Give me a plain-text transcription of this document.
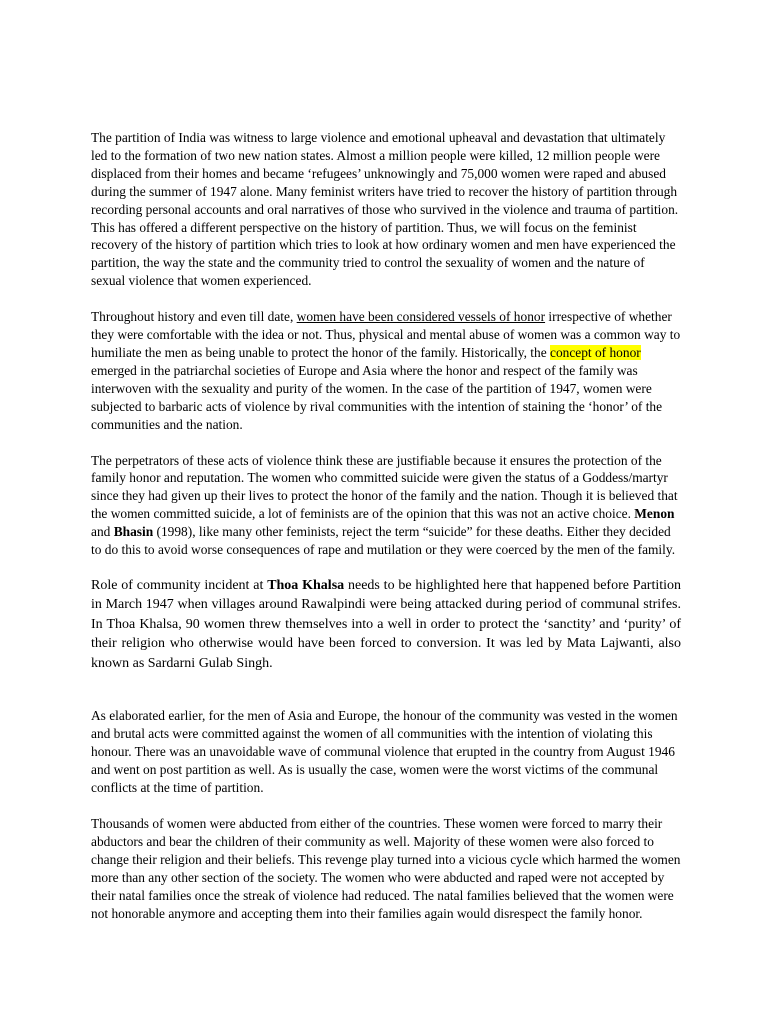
The partition of India was witness to large violence and emotional upheaval and devastation that ultimately led to the formation of two new nation states. Almost a million people were killed, 12 million people were displaced from their homes and became ‘refugees’ unknowingly and 75,000 women were raped and abused during the summer of 1947 alone. Many feminist writers have tried to recover the history of partition through recording personal accounts and oral narratives of those who survived in the violence and trauma of partition. This has offered a different perspective on the history of partition. Thus, we will focus on the feminist recovery of the history of partition which tries to look at how ordinary women and men have experienced the partition, the way the state and the community tried to control the sexuality of women and the nature of sexual violence that women experienced.

Throughout history and even till date, women have been considered vessels of honor irrespective of whether they were comfortable with the idea or not. Thus, physical and mental abuse of women was a common way to humiliate the men as being unable to protect the honor of the family. Historically, the concept of honor emerged in the patriarchal societies of Europe and Asia where the honor and respect of the family was interwoven with the sexuality and purity of the women. In the case of the partition of 1947, women were subjected to barbaric acts of violence by rival communities with the intention of staining the ‘honor’ of the communities and the nation.

The perpetrators of these acts of violence think these are justifiable because it ensures the protection of the family honor and reputation. The women who committed suicide were given the status of a Goddess/martyr since they had given up their lives to protect the honor of the family and the nation. Though it is believed that the women committed suicide, a lot of feminists are of the opinion that this was not an active choice. Menon and Bhasin (1998), like many other feminists, reject the term “suicide” for these deaths. Either they decided to do this to avoid worse consequences of rape and mutilation or they were coerced by the men of the family.

Role of community incident at Thoa Khalsa needs to be highlighted here that happened before Partition in March 1947 when villages around Rawalpindi were being attacked during period of communal strifes. In Thoa Khalsa, 90 women threw themselves into a well in order to protect the ‘sanctity’ and ‘purity’ of their religion who otherwise would have been forced to conversion. It was led by Mata Lajwanti, also known as Sardarni Gulab Singh.

As elaborated earlier, for the men of Asia and Europe, the honour of the community was vested in the women and brutal acts were committed against the women of all communities with the intention of violating this honour. There was an unavoidable wave of communal violence that erupted in the country from August 1946 and went on post partition as well. As is usually the case, women were the worst victims of the communal conflicts at the time of partition.

Thousands of women were abducted from either of the countries. These women were forced to marry their abductors and bear the children of their community as well. Majority of these women were also forced to change their religion and their beliefs. This revenge play turned into a vicious cycle which harmed the women more than any other section of the society. The women who were abducted and raped were not accepted by their natal families once the streak of violence had reduced. The natal families believed that the women were not honorable anymore and accepting them into their families again would disrespect the family honor.
